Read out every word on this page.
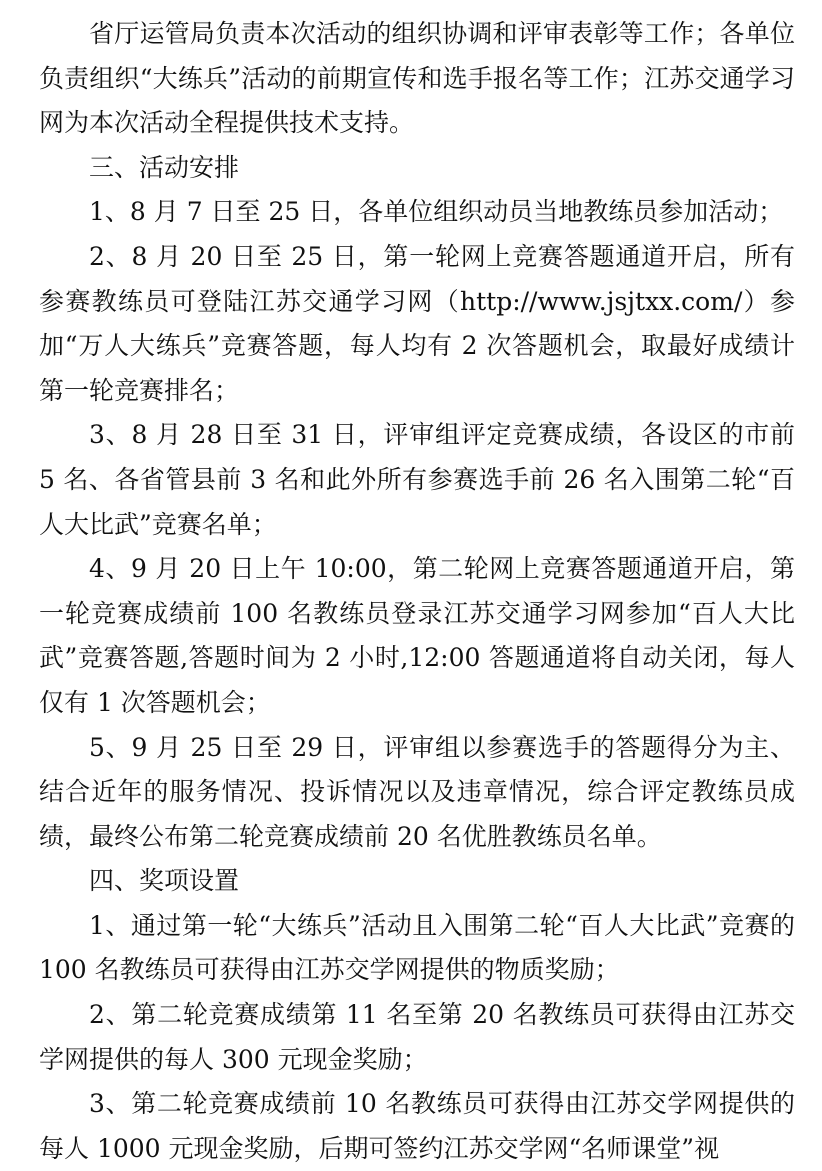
省厅运管局负责本次活动的组织协调和评审表彰等工作；各单位负责组织“大练兵”活动的前期宣传和选手报名等工作；江苏交通学习网为本次活动全程提供技术支持。

三、活动安排

1、8 月 7 日至 25 日，各单位组织动员当地教练员参加活动；

2、8 月 20 日至 25 日，第一轮网上竞赛答题通道开启，所有参赛教练员可登陆江苏交通学习网（http://www.jsjtxx.com/）参加“万人大练兵”竞赛答题，每人均有 2 次答题机会，取最好成绩计第一轮竞赛排名；

3、8 月 28 日至 31 日，评审组评定竞赛成绩，各设区的市前 5 名、各省管县前 3 名和此外所有参赛选手前 26 名入围第二轮“百人大比武”竞赛名单；

4、9 月 20 日上午 10:00，第二轮网上竞赛答题通道开启，第一轮竞赛成绩前 100 名教练员登录江苏交通学习网参加“百人大比武”竞赛答题,答题时间为 2 小时,12:00 答题通道将自动关闭，每人仅有 1 次答题机会；

5、9 月 25 日至 29 日，评审组以参赛选手的答题得分为主、结合近年的服务情况、投诉情况以及违章情况，综合评定教练员成绩，最终公布第二轮竞赛成绩前 20 名优胜教练员名单。

四、奖项设置

1、通过第一轮“大练兵”活动且入围第二轮“百人大比武”竞赛的 100 名教练员可获得由江苏交学网提供的物质奖励；

2、第二轮竞赛成绩第 11 名至第 20 名教练员可获得由江苏交学网提供的每人 300 元现金奖励；

3、第二轮竞赛成绩前 10 名教练员可获得由江苏交学网提供的每人 1000 元现金奖励，后期可签约江苏交学网“名师课堂”视
